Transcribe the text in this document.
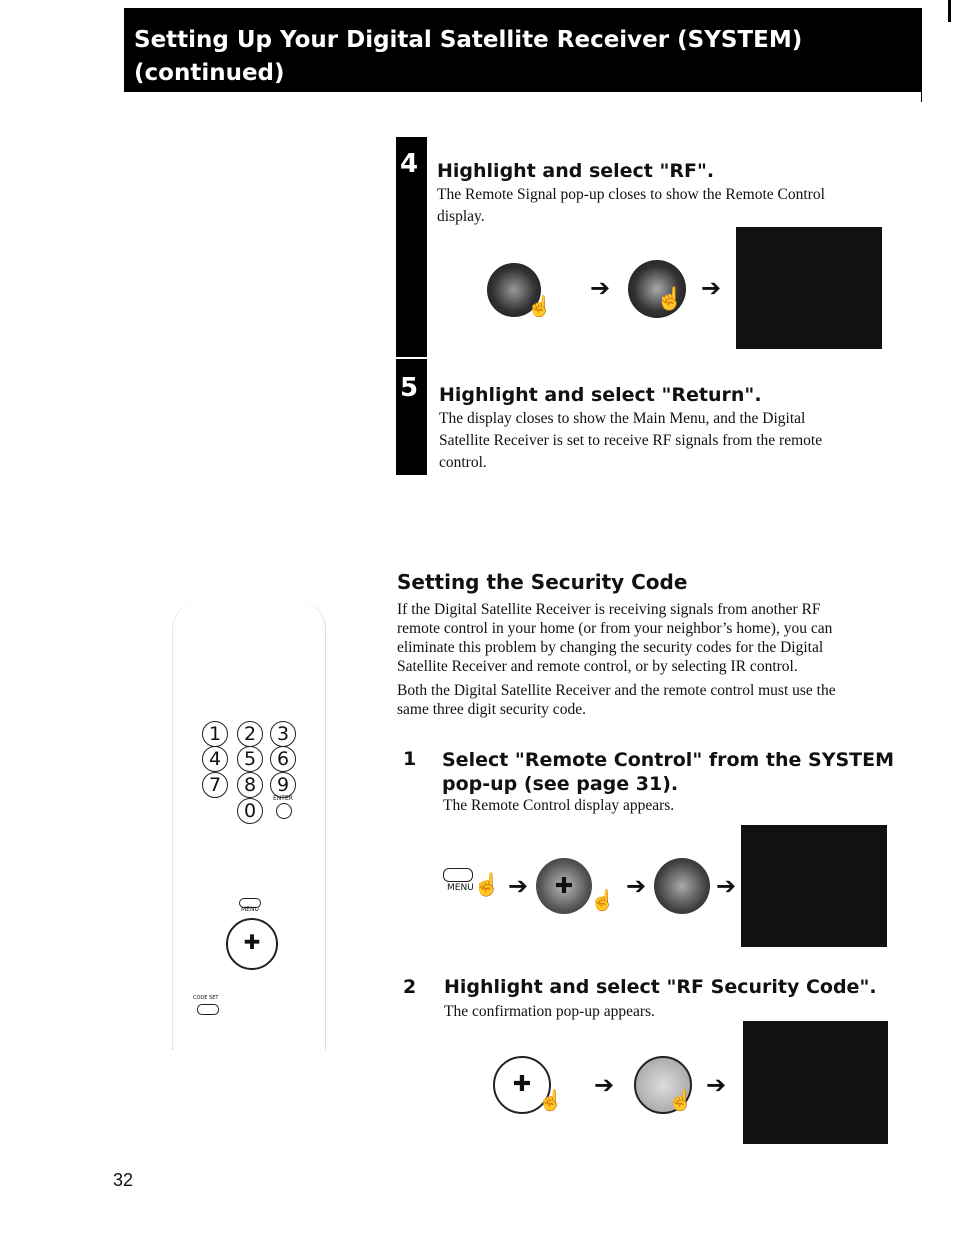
Setting Up Your Digital Satellite Receiver (SYSTEM)
(continued)
4 Highlight and select "RF".
The Remote Signal pop-up closes to show the Remote Control
display.
☝
➔ ☝ ➔
5 Highlight and select "Return".
The display closes to show the Main Menu, and the Digital
Satellite Receiver is set to receive RF signals from the remote
control.
1	2	3
4	5	6
7	8	9
0
ENTER
MENU
✚
CODE SET
Setting the Security Code
If the Digital Satellite Receiver is receiving signals from another RF
remote control in your home (or from your neighbor’s home), you can
eliminate this problem by changing the security codes for the Digital
Satellite Receiver and remote control, or by selecting IR control.
Both the Digital Satellite Receiver and the remote control must use the
same three digit security code.
1 Select "Remote Control" from the SYSTEM
pop-up (see page 31).
The Remote Control display appears.
MENU ☝ ➔	✚
☝
➔	➔
2 Highlight and select "RF Security Code".
The confirmation pop-up appears.
✚
☝
➔
☝
➔
32
